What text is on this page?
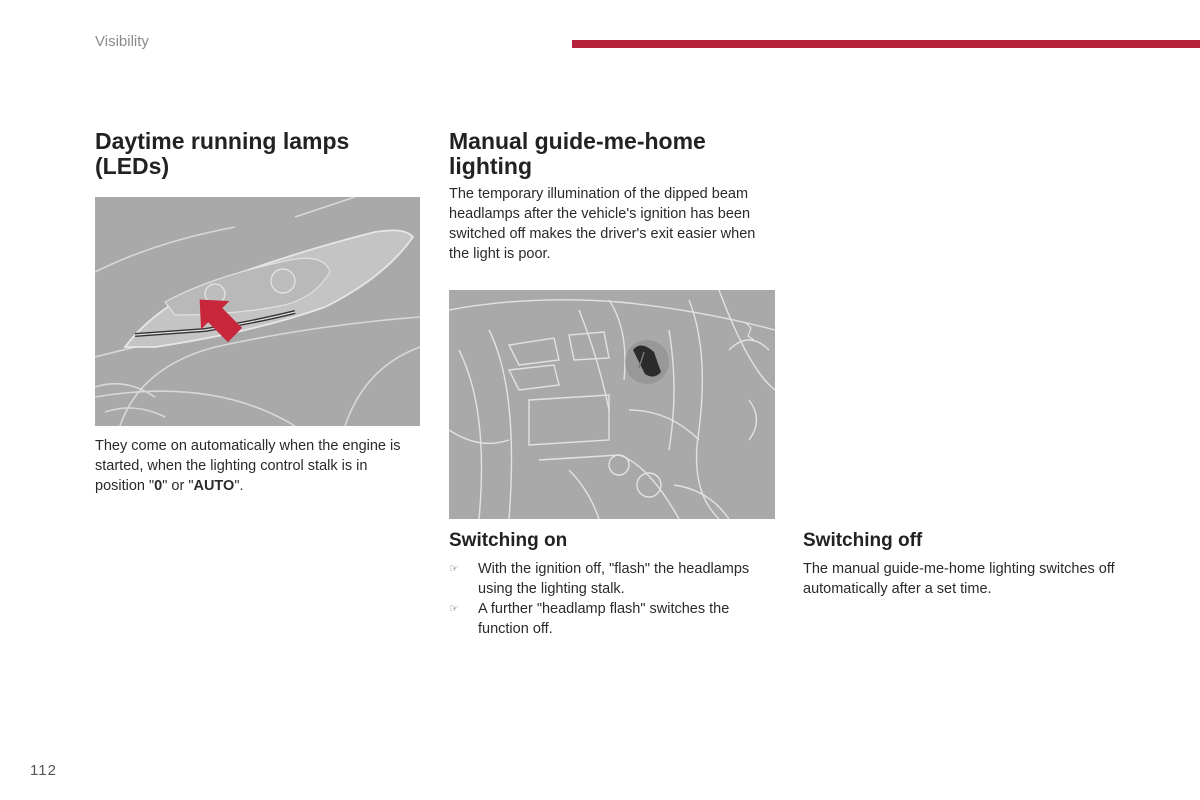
Visibility
Daytime running lamps (LEDs)

They come on automatically when the engine is started, when the lighting control stalk is in position "0" or "AUTO".

Manual guide-me-home lighting

The temporary illumination of the dipped beam headlamps after the vehicle's ignition has been switched off makes the driver's exit easier when the light is poor.

Switching on
☞ With the ignition off, "flash" the headlamps using the lighting stalk.
☞ A further "headlamp flash" switches the function off.
Switching off

The manual guide-me-home lighting switches off automatically after a set time.

112
